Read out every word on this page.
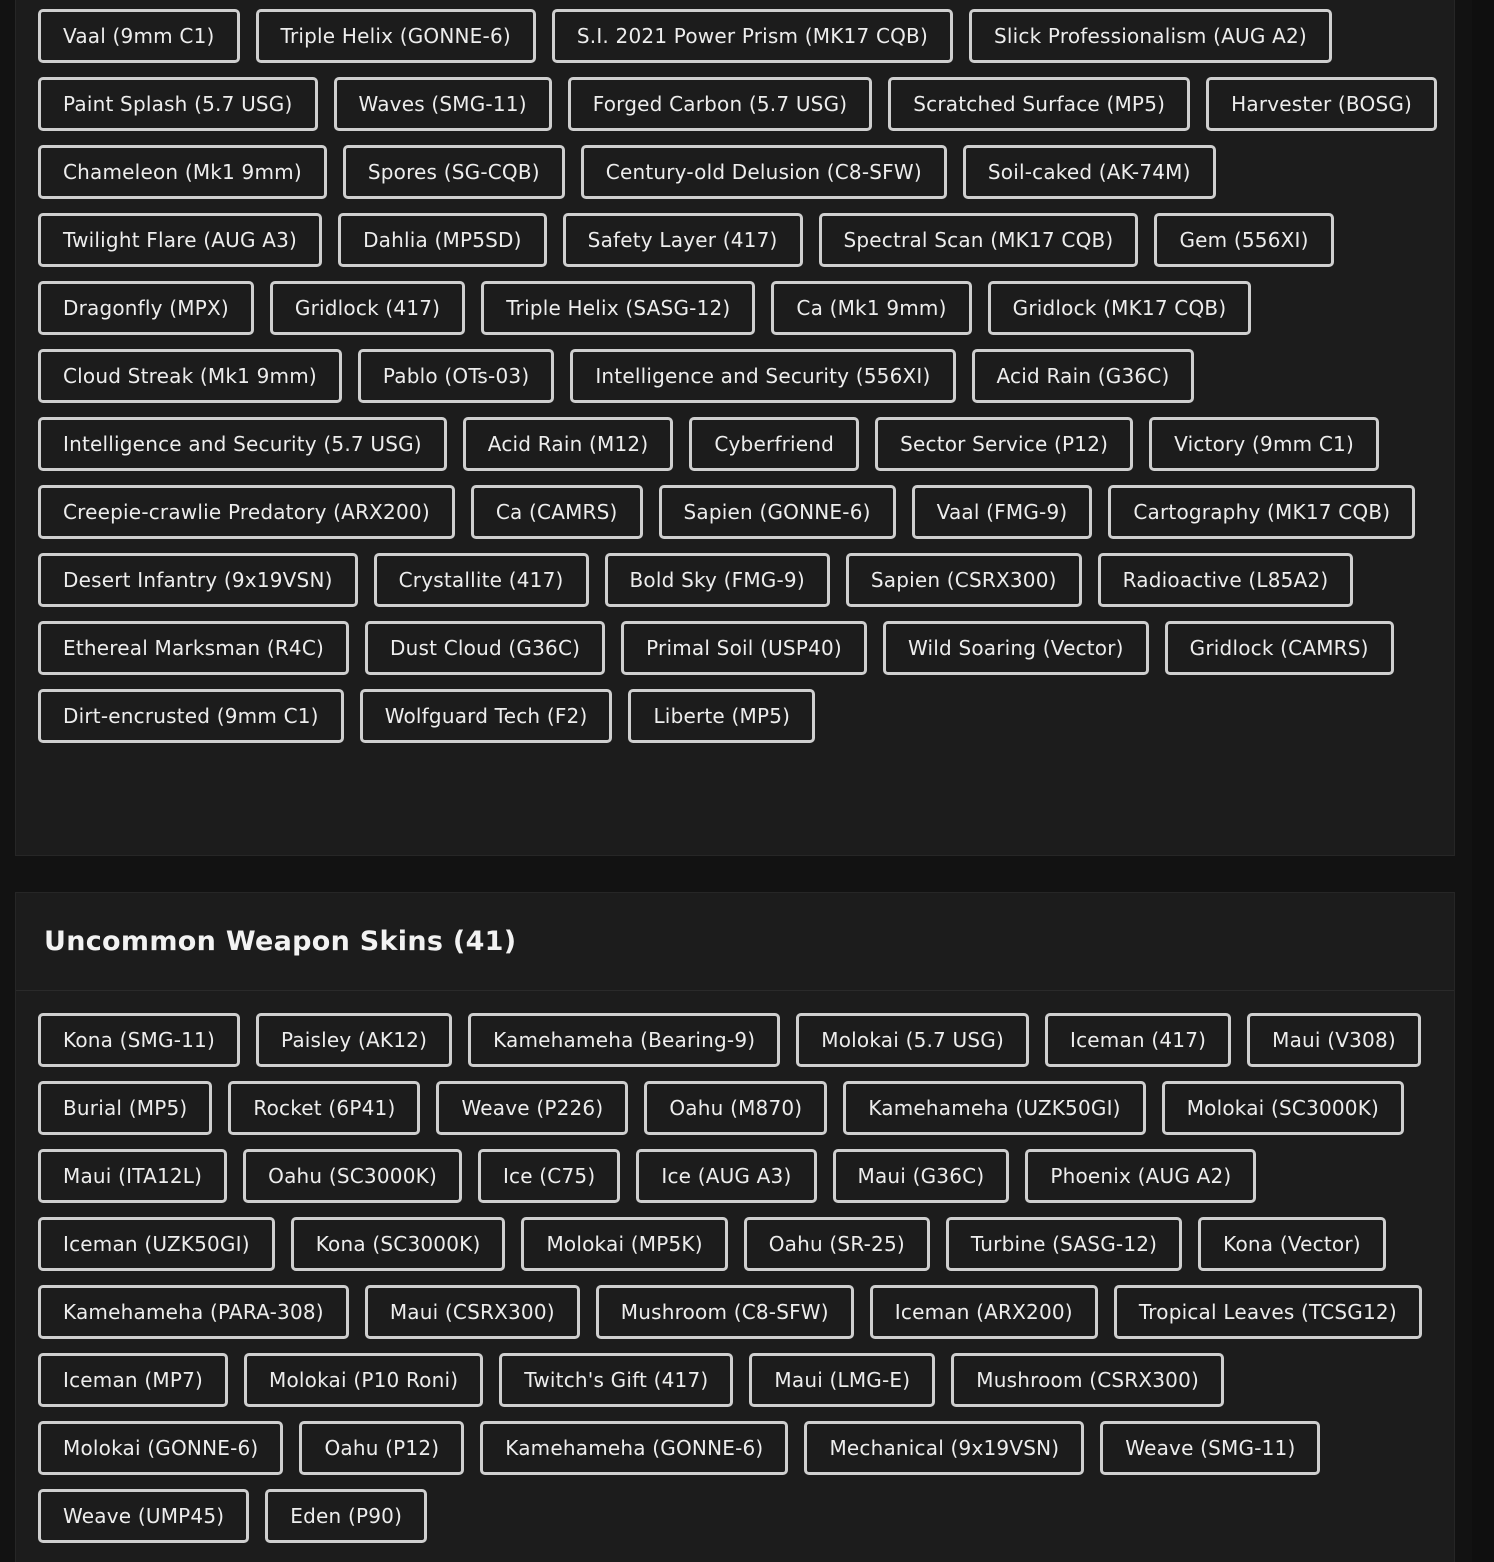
Vaal (9mm C1)	Triple Helix (GONNE-6)	S.I. 2021 Power Prism (MK17 CQB)	Slick Professionalism (AUG A2)
Paint Splash (5.7 USG)	Waves (SMG-11)	Forged Carbon (5.7 USG)	Scratched Surface (MP5)	Harvester (BOSG)
Chameleon (Mk1 9mm)	Spores (SG-CQB)	Century-old Delusion (C8-SFW)	Soil-caked (AK-74M)
Twilight Flare (AUG A3)	Dahlia (MP5SD)	Safety Layer (417)	Spectral Scan (MK17 CQB)	Gem (556XI)
Dragonfly (MPX)	Gridlock (417)	Triple Helix (SASG-12)	Ca (Mk1 9mm)	Gridlock (MK17 CQB)
Cloud Streak (Mk1 9mm)	Pablo (OTs-03)	Intelligence and Security (556XI)	Acid Rain (G36C)
Intelligence and Security (5.7 USG)	Acid Rain (M12)	Cyberfriend	Sector Service (P12)	Victory (9mm C1)
Creepie-crawlie Predatory (ARX200)	Ca (CAMRS)	Sapien (GONNE-6)	Vaal (FMG-9)	Cartography (MK17 CQB)
Desert Infantry (9x19VSN)	Crystallite (417)	Bold Sky (FMG-9)	Sapien (CSRX300)	Radioactive (L85A2)
Ethereal Marksman (R4C)	Dust Cloud (G36C)	Primal Soil (USP40)	Wild Soaring (Vector)	Gridlock (CAMRS)
Dirt-encrusted (9mm C1)	Wolfguard Tech (F2)	Liberte (MP5)
Uncommon Weapon Skins (41)
Kona (SMG-11)	Paisley (AK12)	Kamehameha (Bearing-9)	Molokai (5.7 USG)	Iceman (417)	Maui (V308)
Burial (MP5)	Rocket (6P41)	Weave (P226)	Oahu (M870)	Kamehameha (UZK50GI)	Molokai (SC3000K)
Maui (ITA12L)	Oahu (SC3000K)	Ice (C75)	Ice (AUG A3)	Maui (G36C)	Phoenix (AUG A2)
Iceman (UZK50GI)	Kona (SC3000K)	Molokai (MP5K)	Oahu (SR-25)	Turbine (SASG-12)	Kona (Vector)
Kamehameha (PARA-308)	Maui (CSRX300)	Mushroom (C8-SFW)	Iceman (ARX200)	Tropical Leaves (TCSG12)
Iceman (MP7)	Molokai (P10 Roni)	Twitch's Gift (417)	Maui (LMG-E)	Mushroom (CSRX300)
Molokai (GONNE-6)	Oahu (P12)	Kamehameha (GONNE-6)	Mechanical (9x19VSN)	Weave (SMG-11)
Weave (UMP45)	Eden (P90)
